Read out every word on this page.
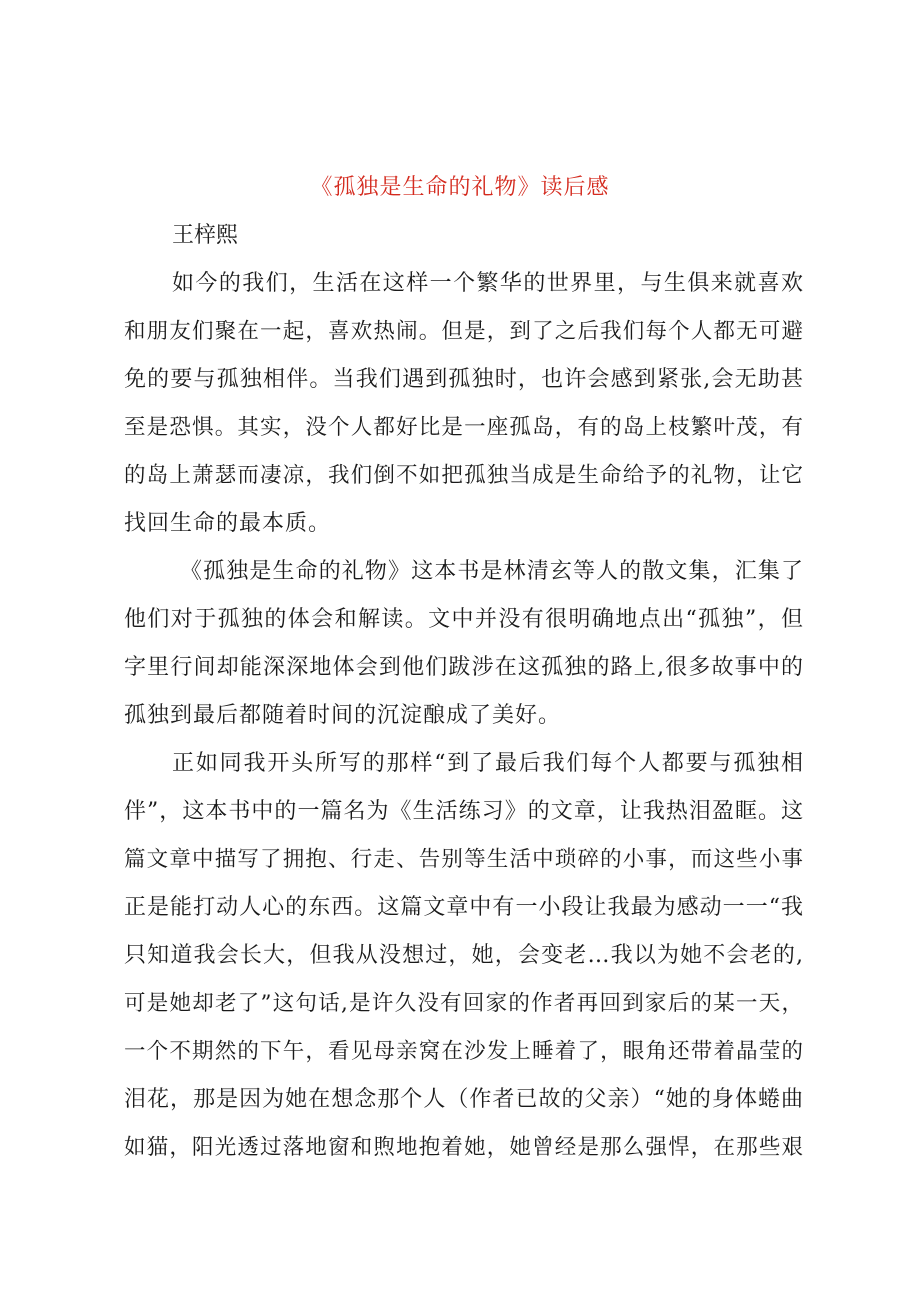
《孤独是生命的礼物》读后感
王梓熙
如今的我们，生活在这样一个繁华的世界里，与生俱来就喜欢
和朋友们聚在一起，喜欢热闹。但是，到了之后我们每个人都无可避
免的要与孤独相伴。当我们遇到孤独时，也许会感到紧张,会无助甚
至是恐惧。其实，没个人都好比是一座孤岛，有的岛上枝繁叶茂，有
的岛上萧瑟而凄凉，我们倒不如把孤独当成是生命给予的礼物，让它
找回生命的最本质。
《孤独是生命的礼物》这本书是林清玄等人的散文集，汇集了
他们对于孤独的体会和解读。文中并没有很明确地点出“孤独”，但
字里行间却能深深地体会到他们跋涉在这孤独的路上,很多故事中的
孤独到最后都随着时间的沉淀酿成了美好。
正如同我开头所写的那样“到了最后我们每个人都要与孤独相
伴”，这本书中的一篇名为《生活练习》的文章，让我热泪盈眶。这
篇文章中描写了拥抱、行走、告别等生活中琐碎的小事，而这些小事
正是能打动人心的东西。这篇文章中有一小段让我最为感动一一“我
只知道我会长大，但我从没想过，她，会变老…我以为她不会老的,
可是她却老了”这句话,是许久没有回家的作者再回到家后的某一天，
一个不期然的下午，看见母亲窝在沙发上睡着了，眼角还带着晶莹的
泪花，那是因为她在想念那个人（作者已故的父亲）“她的身体蜷曲
如猫，阳光透过落地窗和煦地抱着她，她曾经是那么强悍，在那些艰
